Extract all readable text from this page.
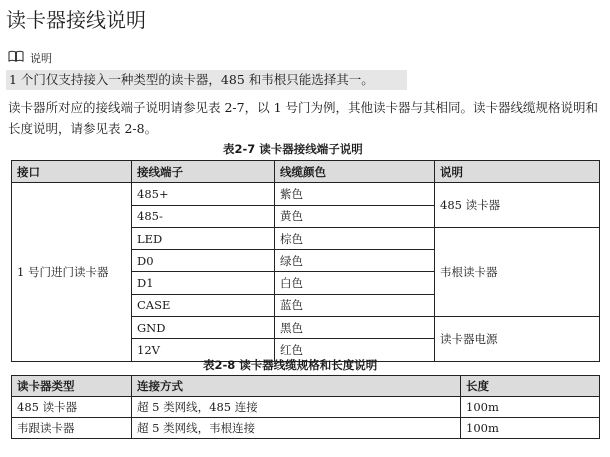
读卡器接线说明
说明
1 个门仅支持接入一种类型的读卡器，485 和韦根只能选择其一。
读卡器所对应的接线端子说明请参见表 2-7，以 1 号门为例，其他读卡器与其相同。读卡器线缆规格说明和长度说明，请参见表 2-8。
表2-7 读卡器接线端子说明
接口	接线端子	线缆颜色	说明
1 号门进门读卡器	485+	紫色	485 读卡器
	485-	黄色	
	LED	棕色	韦根读卡器
	D0	绿色	
	D1	白色	
	CASE	蓝色	
	GND	黑色	读卡器电源
	12V	红色	
表2-8 读卡器线缆规格和长度说明
读卡器类型	连接方式	长度
485 读卡器	超 5 类网线，485 连接	100m
韦跟读卡器	超 5 类网线，韦根连接	100m
